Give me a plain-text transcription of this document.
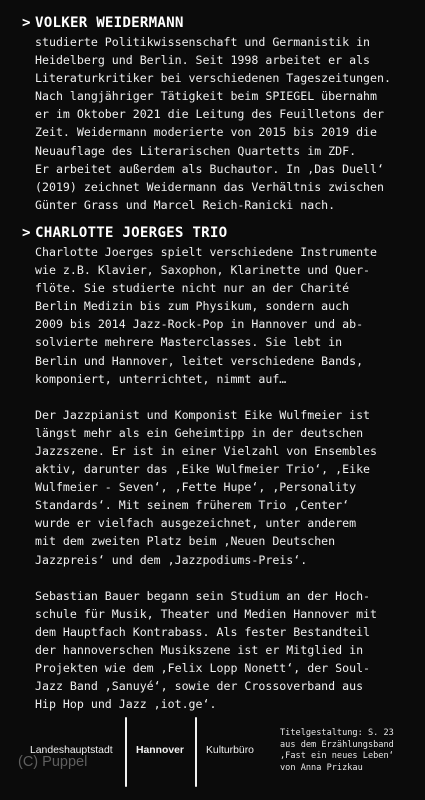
> VOLKER WEIDERMANN
studierte Politikwissenschaft und Germanistik in
Heidelberg und Berlin. Seit 1998 arbeitet er als
Literaturkritiker bei verschiedenen Tageszeitungen.
Nach langjähriger Tätigkeit beim SPIEGEL übernahm
er im Oktober 2021 die Leitung des Feuilletons der
Zeit. Weidermann moderierte von 2015 bis 2019 die
Neuauflage des Literarischen Quartetts im ZDF.
Er arbeitet außerdem als Buchautor. In ‚Das Duell‘
(2019) zeichnet Weidermann das Verhältnis zwischen
Günter Grass und Marcel Reich-Ranicki nach.
> CHARLOTTE JOERGES TRIO
Charlotte Joerges spielt verschiedene Instrumente
wie z.B. Klavier, Saxophon, Klarinette und Quer-
flöte. Sie studierte nicht nur an der Charité
Berlin Medizin bis zum Physikum, sondern auch
2009 bis 2014 Jazz-Rock-Pop in Hannover und ab-
solvierte mehrere Masterclasses. Sie lebt in
Berlin und Hannover, leitet verschiedene Bands,
komponiert, unterrichtet, nimmt auf…
Der Jazzpianist und Komponist Eike Wulfmeier ist
längst mehr als ein Geheimtipp in der deutschen
Jazzszene. Er ist in einer Vielzahl von Ensembles
aktiv, darunter das ‚Eike Wulfmeier Trio‘, ‚Eike
Wulfmeier - Seven‘, ‚Fette Hupe‘, ‚Personality
Standards‘. Mit seinem früherem Trio ‚Center‘
wurde er vielfach ausgezeichnet, unter anderem
mit dem zweiten Platz beim ‚Neuen Deutschen
Jazzpreis‘ und dem ‚Jazzpodiums-Preis‘.
Sebastian Bauer begann sein Studium an der Hoch-
schule für Musik, Theater und Medien Hannover mit
dem Hauptfach Kontrabass. Als fester Bestandteil
der hannoverschen Musikszene ist er Mitglied in
Projekten wie dem ‚Felix Lopp Nonett‘, der Soul-
Jazz Band ‚Sanuyé‘, sowie der Crossoverband aus
Hip Hop und Jazz ‚iot.ge‘.
Landeshauptstadt Hannover Kulturbüro
Titelgestaltung: S. 23
aus dem Erzählungsband
‚Fast ein neues Leben‘
von Anna Prizkau
(C) Puppel
